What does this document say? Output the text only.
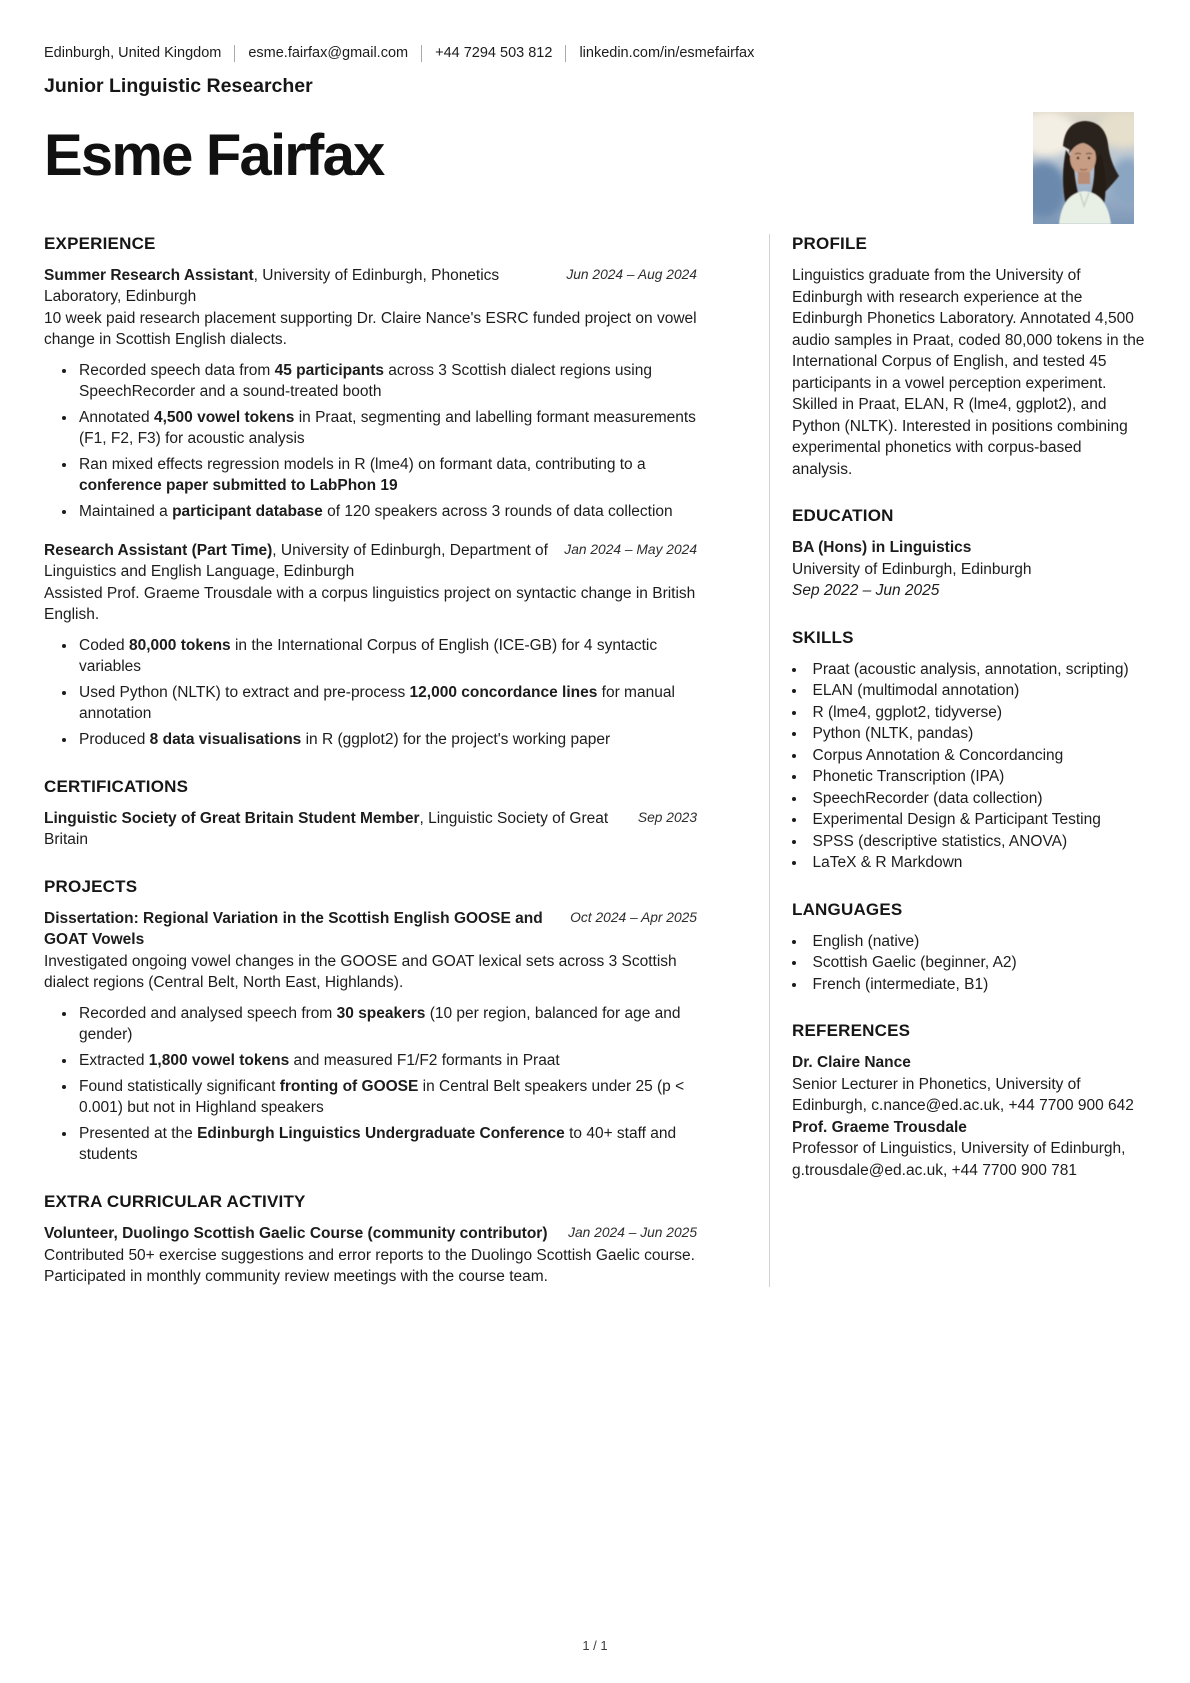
Edinburgh, United Kingdom esme.fairfax@gmail.com +44 7294 503 812 linkedin.com/in/esmefairfax

Junior Linguistic Researcher

Esme Fairfax
EXPERIENCE

Summer Research Assistant, University of Edinburgh, Phonetics Laboratory, Edinburgh

Jun 2024 – Aug 2024

10 week paid research placement supporting Dr. Claire Nance's ESRC funded project on vowel change in Scottish English dialects.

• Recorded speech data from 45 participants across 3 Scottish dialect regions using SpeechRecorder and a sound-treated booth
• Annotated 4,500 vowel tokens in Praat, segmenting and labelling formant measurements (F1, F2, F3) for acoustic analysis
• Ran mixed effects regression models in R (lme4) on formant data, contributing to a conference paper submitted to LabPhon 19
• Maintained a participant database of 120 speakers across 3 rounds of data collection

Research Assistant (Part Time), University of Edinburgh, Department of Linguistics and English Language, Edinburgh

Jan 2024 – May 2024

Assisted Prof. Graeme Trousdale with a corpus linguistics project on syntactic change in British English.

• Coded 80,000 tokens in the International Corpus of English (ICE-GB) for 4 syntactic variables
• Used Python (NLTK) to extract and pre-process 12,000 concordance lines for manual annotation
• Produced 8 data visualisations in R (ggplot2) for the project's working paper
CERTIFICATIONS

Linguistic Society of Great Britain Student Member, Linguistic Society of Great Britain

Sep 2023
PROJECTS

Dissertation: Regional Variation in the Scottish English GOOSE and GOAT Vowels

Oct 2024 – Apr 2025

Investigated ongoing vowel changes in the GOOSE and GOAT lexical sets across 3 Scottish dialect regions (Central Belt, North East, Highlands).

• Recorded and analysed speech from 30 speakers (10 per region, balanced for age and gender)
• Extracted 1,800 vowel tokens and measured F1/F2 formants in Praat
• Found statistically significant fronting of GOOSE in Central Belt speakers under 25 (p < 0.001) but not in Highland speakers
• Presented at the Edinburgh Linguistics Undergraduate Conference to 40+ staff and students
EXTRA CURRICULAR ACTIVITY

Volunteer, Duolingo Scottish Gaelic Course (community contributor)	Jan 2024 – Jun 2025

Contributed 50+ exercise suggestions and error reports to the Duolingo Scottish Gaelic course. Participated in monthly community review meetings with the course team.

PROFILE

Linguistics graduate from the University of Edinburgh with research experience at the Edinburgh Phonetics Laboratory. Annotated 4,500 audio samples in Praat, coded 80,000 tokens in the International Corpus of English, and tested 45 participants in a vowel perception experiment. Skilled in Praat, ELAN, R (lme4, ggplot2), and Python (NLTK). Interested in positions combining experimental phonetics with corpus-based analysis.

EDUCATION

BA (Hons) in Linguistics

University of Edinburgh, Edinburgh

Sep 2022 – Jun 2025

SKILLS
• Praat (acoustic analysis, annotation, scripting)
• ELAN (multimodal annotation)
• R (lme4, ggplot2, tidyverse)
• Python (NLTK, pandas)
• Corpus Annotation & Concordancing
• Phonetic Transcription (IPA)
• SpeechRecorder (data collection)
• Experimental Design & Participant Testing
• SPSS (descriptive statistics, ANOVA)
• LaTeX & R Markdown
LANGUAGES
• English (native)
• Scottish Gaelic (beginner, A2)
• French (intermediate, B1)
REFERENCES

Dr. Claire Nance

Senior Lecturer in Phonetics, University of Edinburgh, c.nance@ed.ac.uk, +44 7700 900 642

Prof. Graeme Trousdale

Professor of Linguistics, University of Edinburgh, g.trousdale@ed.ac.uk, +44 7700 900 781

1 / 1
